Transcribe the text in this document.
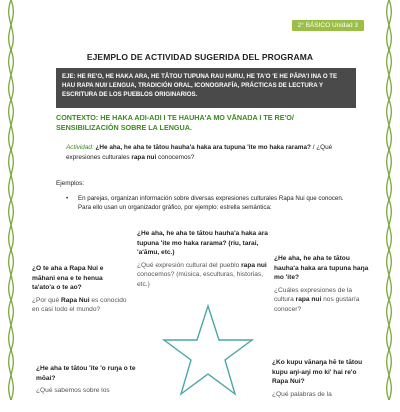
2° BÁSICO Unidad 3
EJEMPLO DE ACTIVIDAD SUGERIDA DEL PROGRAMA
EJE: HE RE'O, HE HAKA ARA, HE TĀTOU TUPUNA RAU HURU, HE TA'O 'E HE PĀPA'I INA O TE HAU RAPA NUI/ LENGUA, TRADICIÓN ORAL, ICONOGRAFÍA, PRÁCTICAS DE LECTURA Y ESCRITURA DE LOS PUEBLOS ORIGINARIOS.
CONTEXTO: HE HAKA AŊI-AŊI I TE HAUHA'A MO VĀNAŊA I TE RE'O/ SENSIBILIZACIÓN SOBRE LA LENGUA.
Actividad: ¿He aha, he aha te tātou hauha'a haka ara tupuna 'ite mo haka rarama? / ¿Qué expresiones culturales rapa nui conocemos?
Ejemplos:
•	En parejas, organizan información sobre diversas expresiones culturales Rapa Nui que conocen.
Para ello usan un organizador gráfico, por ejemplo: estrella semántica:
¿He aha, he aha te tātou hauha'a haka ara tupuna 'ite mo haka rarama? (riu, tarai, 'a'āmu, etc.)
¿Qué expresión cultural del pueblo rapa nui conocemos? (música, esculturas, historias, etc.)
¿O te aha a Rapa Nui e māhani ena e te henua ta'ato'a o te ao?
¿Por qué Rapa Nui es conocido en casi todo el mundo?
¿He aha, he aha te tātou hauha'a haka ara tupuna haŋa mo 'ite?
¿Cuáles expresiones de la cultura rapa nui nos gustaría conocer?
¿He aha te tātou 'ite 'o ruŋa o te mōai?
¿Qué sabemos sobre los
¿Ko kupu vānaŋa hē te tātou kupu aŋi-aŋi mo ki' hai re'o Rapa Nui?
¿Qué palabras de la
